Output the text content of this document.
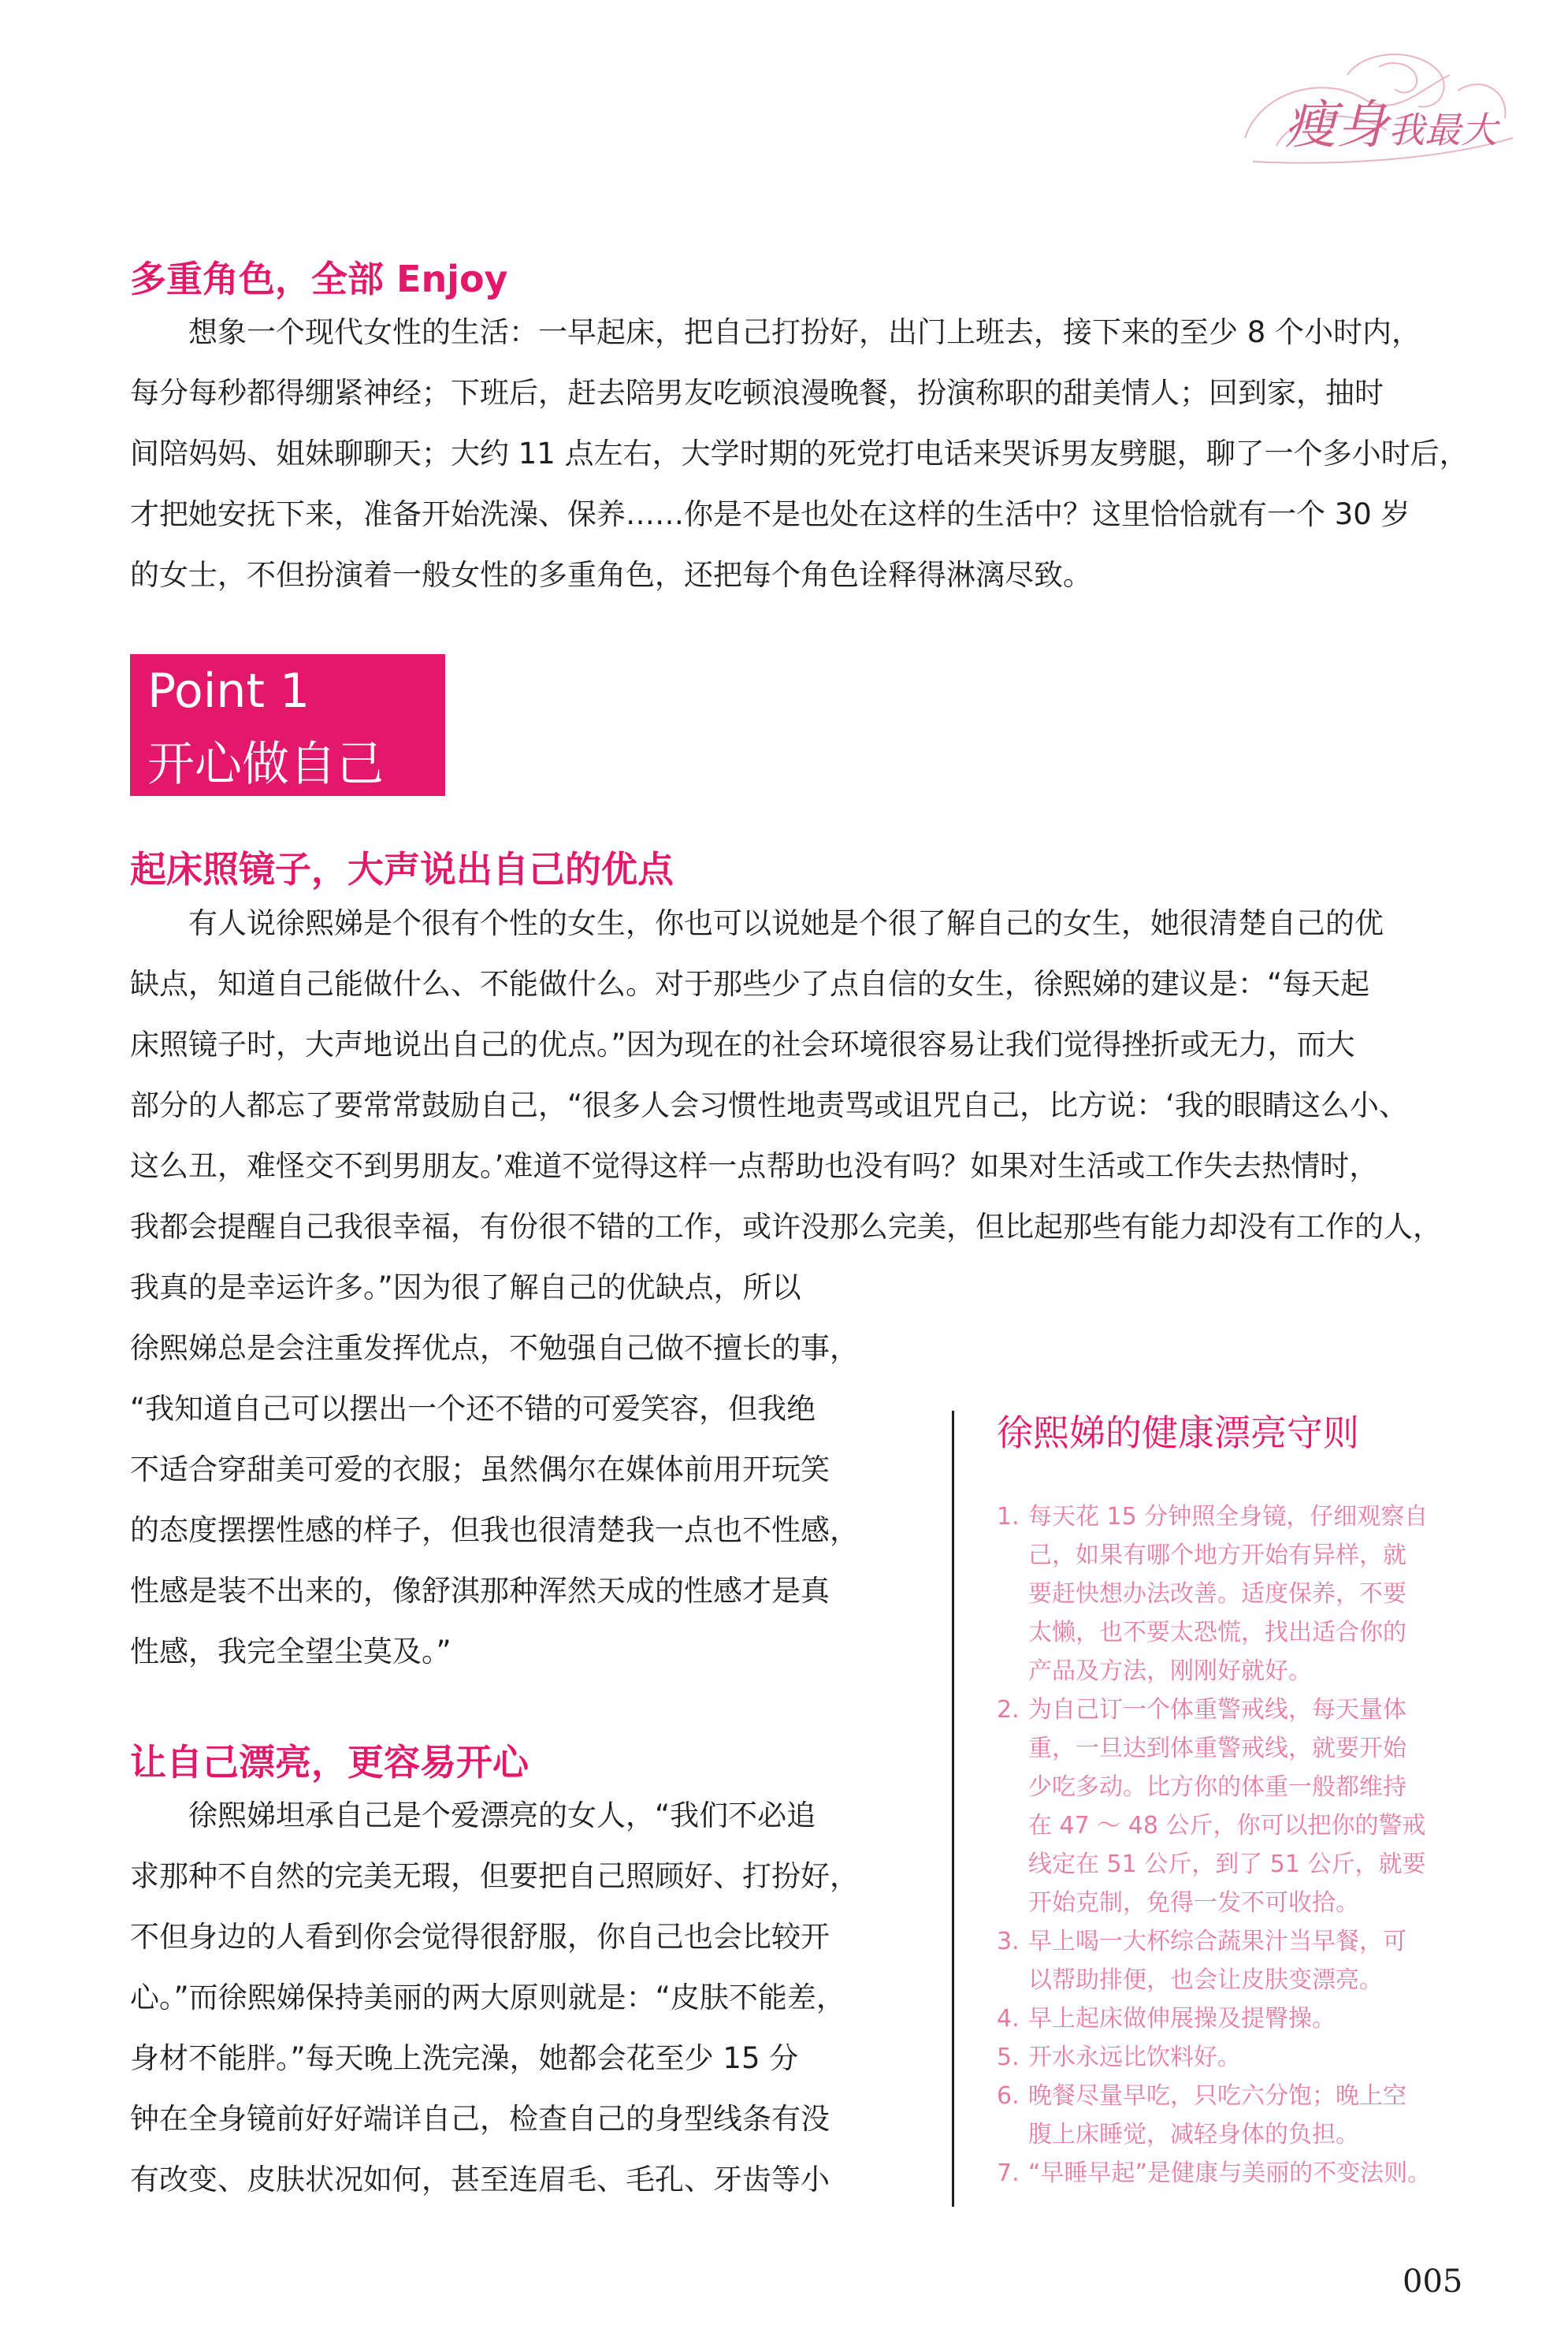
瘦身我最大
多重角色，全部 Enjoy
想象一个现代女性的生活：一早起床，把自己打扮好，出门上班去，接下来的至少 8 个小时内，
每分每秒都得绷紧神经；下班后，赶去陪男友吃顿浪漫晚餐，扮演称职的甜美情人；回到家，抽时
间陪妈妈、姐妹聊聊天；大约 11 点左右，大学时期的死党打电话来哭诉男友劈腿，聊了一个多小时后，
才把她安抚下来，准备开始洗澡、保养……你是不是也处在这样的生活中？这里恰恰就有一个 30 岁
的女士，不但扮演着一般女性的多重角色，还把每个角色诠释得淋漓尽致。
Point 1
开心做自己
起床照镜子，大声说出自己的优点
有人说徐熙娣是个很有个性的女生，你也可以说她是个很了解自己的女生，她很清楚自己的优
缺点，知道自己能做什么、不能做什么。对于那些少了点自信的女生，徐熙娣的建议是：“每天起
床照镜子时，大声地说出自己的优点。”因为现在的社会环境很容易让我们觉得挫折或无力，而大
部分的人都忘了要常常鼓励自己，“很多人会习惯性地责骂或诅咒自己，比方说：‘我的眼睛这么小、
这么丑，难怪交不到男朋友。’难道不觉得这样一点帮助也没有吗？如果对生活或工作失去热情时，
我都会提醒自己我很幸福，有份很不错的工作，或许没那么完美，但比起那些有能力却没有工作的人，
我真的是幸运许多。”因为很了解自己的优缺点，所以
徐熙娣总是会注重发挥优点，不勉强自己做不擅长的事，
“我知道自己可以摆出一个还不错的可爱笑容，但我绝
不适合穿甜美可爱的衣服；虽然偶尔在媒体前用开玩笑
的态度摆摆性感的样子，但我也很清楚我一点也不性感，
性感是装不出来的，像舒淇那种浑然天成的性感才是真
性感，我完全望尘莫及。”
让自己漂亮，更容易开心
徐熙娣坦承自己是个爱漂亮的女人，“我们不必追
求那种不自然的完美无瑕，但要把自己照顾好、打扮好，
不但身边的人看到你会觉得很舒服，你自己也会比较开
心。”而徐熙娣保持美丽的两大原则就是：“皮肤不能差，
身材不能胖。”每天晚上洗完澡，她都会花至少 15 分
钟在全身镜前好好端详自己，检查自己的身型线条有没
有改变、皮肤状况如何，甚至连眉毛、毛孔、牙齿等小
徐熙娣的健康漂亮守则
1. 每天花 15 分钟照全身镜，仔细观察自
己，如果有哪个地方开始有异样，就
要赶快想办法改善。适度保养，不要
太懒，也不要太恐慌，找出适合你的
产品及方法，刚刚好就好。
2. 为自己订一个体重警戒线，每天量体
重，一旦达到体重警戒线，就要开始
少吃多动。比方你的体重一般都维持
在 47 ～ 48 公斤，你可以把你的警戒
线定在 51 公斤，到了 51 公斤，就要
开始克制，免得一发不可收拾。
3. 早上喝一大杯综合蔬果汁当早餐，可
以帮助排便，也会让皮肤变漂亮。
4. 早上起床做伸展操及提臀操。
5. 开水永远比饮料好。
6. 晚餐尽量早吃，只吃六分饱；晚上空
腹上床睡觉，减轻身体的负担。
7. “早睡早起”是健康与美丽的不变法则。
005
